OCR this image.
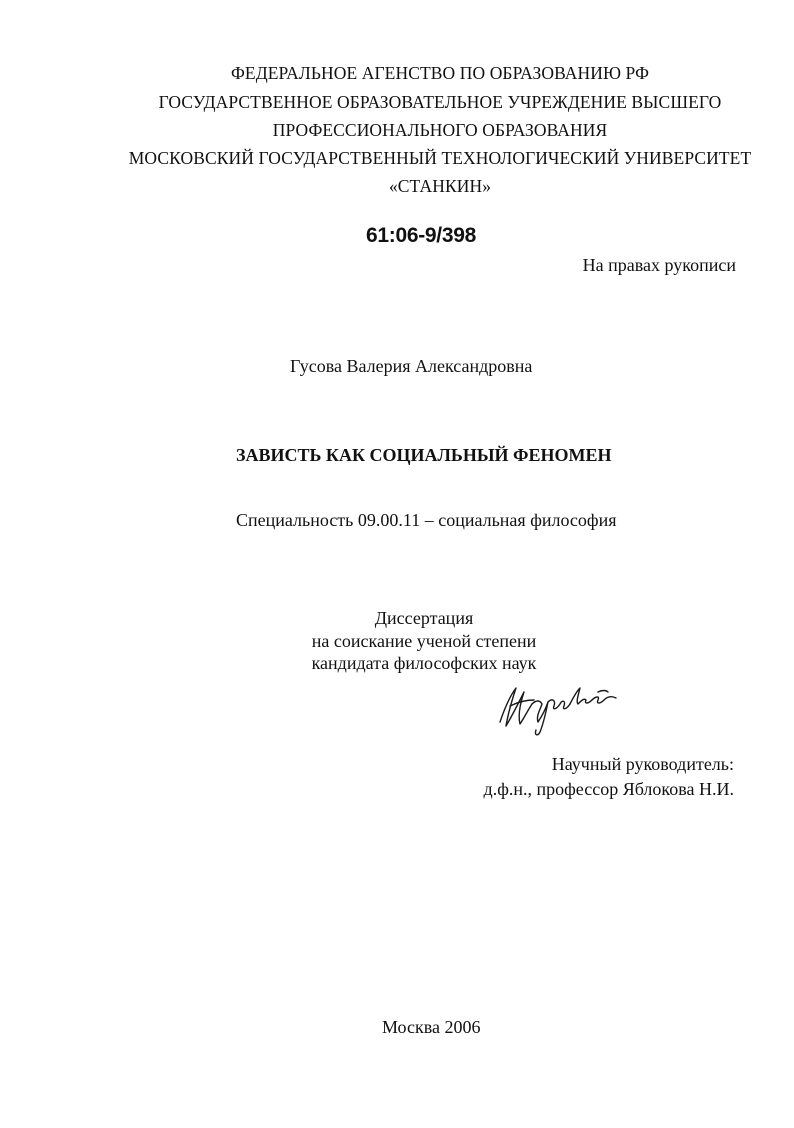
ФЕДЕРАЛЬНОЕ АГЕНСТВО ПО ОБРАЗОВАНИЮ РФ
ГОСУДАРСТВЕННОЕ ОБРАЗОВАТЕЛЬНОЕ УЧРЕЖДЕНИЕ ВЫСШЕГО
ПРОФЕССИОНАЛЬНОГО ОБРАЗОВАНИЯ
МОСКОВСКИЙ ГОСУДАРСТВЕННЫЙ ТЕХНОЛОГИЧЕСКИЙ УНИВЕРСИТЕТ
«СТАНКИН»
61:06-9/398
На правах рукописи
Гусова Валерия Александровна
ЗАВИСТЬ КАК СОЦИАЛЬНЫЙ ФЕНОМЕН
Специальность 09.00.11 – социальная философия
Диссертация
на соискание ученой степени
кандидата философских наук
Научный руководитель:
д.ф.н., профессор Яблокова Н.И.
Москва 2006
